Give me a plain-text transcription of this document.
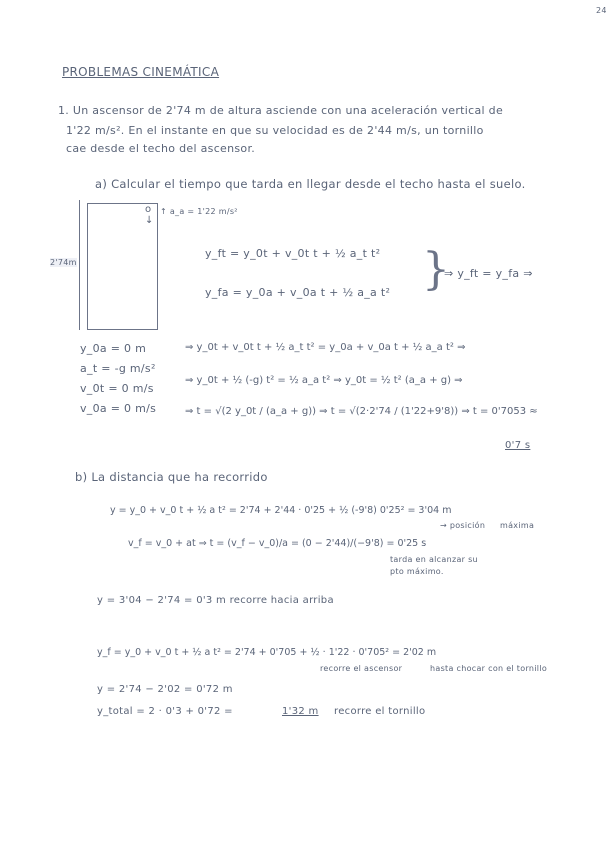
24
PROBLEMAS CINEMÁTICA
1. Un ascensor de 2'74 m de altura asciende con una aceleración vertical de
1'22 m/s². En el instante en que su velocidad es de 2'44 m/s, un tornillo
cae desde el techo del ascensor.
a) Calcular el tiempo que tarda en llegar desde el techo hasta el suelo.
o
↓
2'74m
↑ a_a = 1'22 m/s²
y_ft = y_0t + v_0t t + ½ a_t t²
y_fa = y_0a + v_0a t + ½ a_a t² }
⇒ y_ft = y_fa ⇒
y_0a = 0 m
a_t = -g m/s²
v_0t = 0 m/s
v_0a = 0 m/s
⇒ y_0t + v_0t t + ½ a_t t² = y_0a + v_0a t + ½ a_a t² ⇒
⇒ y_0t + ½ (-g) t² = ½ a_a t² ⇒ y_0t = ½ t² (a_a + g) ⇒
⇒ t = √(2 y_0t / (a_a + g)) ⇒ t = √(2·2'74 / (1'22+9'8)) ⇒ t = 0'7053 ≈
0'7 s
b) La distancia que ha recorrido
y = y_0 + v_0 t + ½ a t² = 2'74 + 2'44 · 0'25 + ½ (-9'8) 0'25² = 3'04 m
→ posición máxima
v_f = v_0 + at ⇒ t = (v_f − v_0)/a = (0 − 2'44)/(−9'8) = 0'25 s
tarda en alcanzar su
pto máximo.
y = 3'04 − 2'74 = 0'3 m recorre hacia arriba
y_f = y_0 + v_0 t + ½ a t² = 2'74 + 0'705 + ½ · 1'22 · 0'705² = 2'02 m
recorre el ascensor	hasta chocar con el tornillo
y = 2'74 − 2'02 = 0'72 m
y_total = 2 · 0'3 + 0'72 =	1'32 m recorre el tornillo
